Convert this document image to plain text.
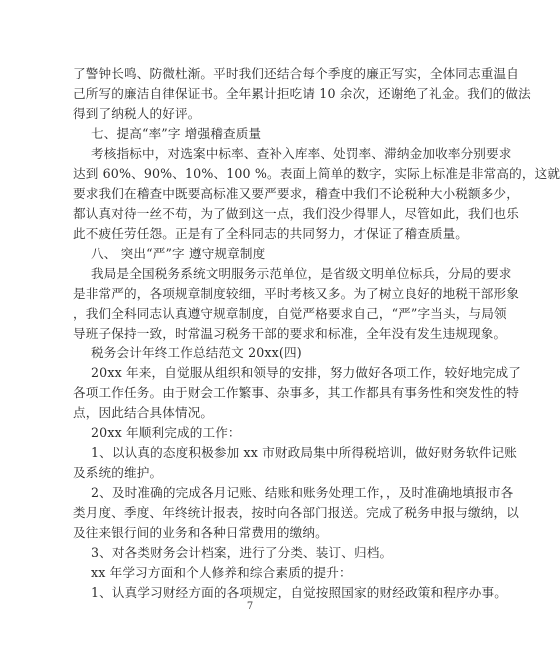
了警钟长鸣、防微杜渐。平时我们还结合每个季度的廉正写实，全体同志重温自
己所写的廉洁自律保证书。全年累计拒吃请 10 余次，还谢绝了礼金。我们的做法
得到了纳税人的好评。
七、提高“率”字 增强稽查质量
考核指标中，对选案中标率、查补入库率、处罚率、滞纳金加收率分别要求
达到 60%、90%、10%、100 %。表面上简单的数字，实际上标准是非常高的，这就
要求我们在稽查中既要高标准又要严要求，稽查中我们不论税种大小税额多少，
都认真对待一丝不苟，为了做到这一点，我们没少得罪人，尽管如此，我们也乐
此不疲任劳任怨。正是有了全科同志的共同努力，才保证了稽查质量。
八、 突出“严”字 遵守规章制度
我局是全国税务系统文明服务示范单位，是省级文明单位标兵，分局的要求
是非常严的，各项规章制度较细，平时考核又多。为了树立良好的地税干部形象
，我们全科同志认真遵守规章制度，自觉严格要求自己，“严”字当头，与局领
导班子保持一致，时常温习税务干部的要求和标准，全年没有发生违规现象。
税务会计年终工作总结范文 20xx(四)
20xx 年来，自觉服从组织和领导的安排，努力做好各项工作，较好地完成了
各项工作任务。由于财会工作繁事、杂事多，其工作都具有事务性和突发性的特
点，因此结合具体情况。
20xx 年顺利完成的工作：
1、以认真的态度积极参加 xx 市财政局集中所得税培训，做好财务软件记账
及系统的维护。
2、及时准确的完成各月记账、结账和账务处理工作，，及时准确地填报市各
类月度、季度、年终统计报表，按时向各部门报送。完成了税务申报与缴纳，以
及往来银行间的业务和各种日常费用的缴纳。
3、对各类财务会计档案，进行了分类、装订、归档。
xx 年学习方面和个人修养和综合素质的提升：
1、认真学习财经方面的各项规定，自觉按照国家的财经政策和程序办事。
7
